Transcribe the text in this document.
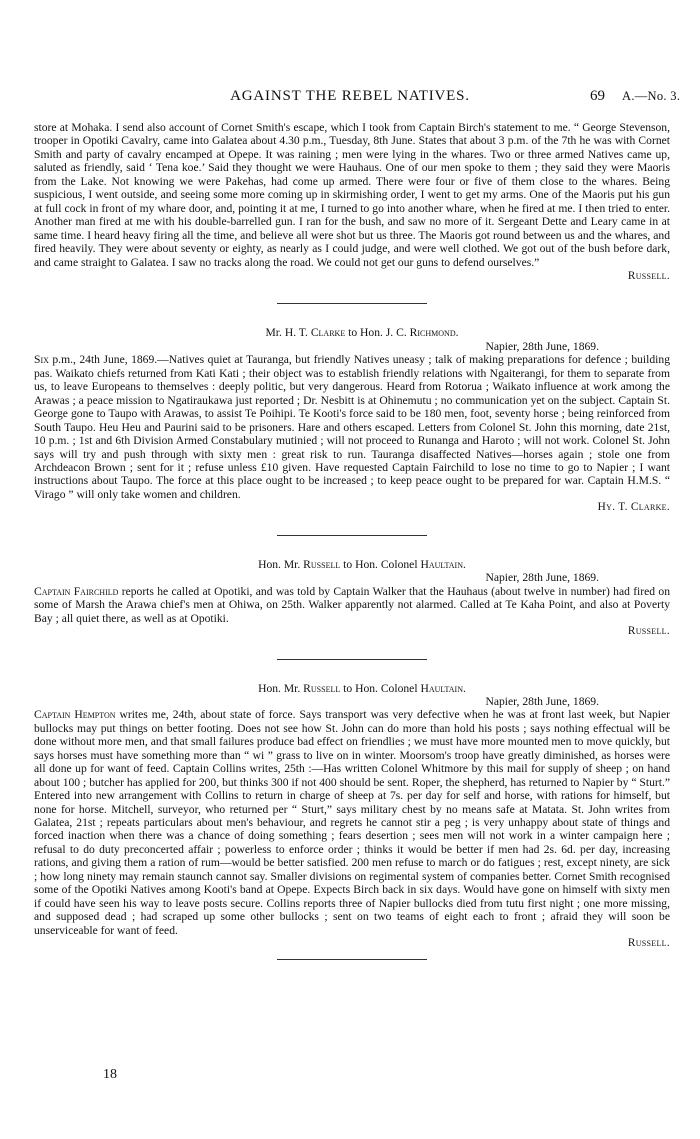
AGAINST THE REBEL NATIVES.	69 A.—No. 3.

store at Mohaka. I send also account of Cornet Smith's escape, which I took from Captain Birch's statement to me. “ George Stevenson, trooper in Opotiki Cavalry, came into Galatea about 4.30 p.m., Tuesday, 8th June. States that about 3 p.m. of the 7th he was with Cornet Smith and party of cavalry encamped at Opepe. It was raining ; men were lying in the whares. Two or three armed Natives came up, saluted as friendly, said ‘ Tena koe.’ Said they thought we were Hauhaus. One of our men spoke to them ; they said they were Maoris from the Lake. Not knowing we were Pakehas, had come up armed. There were four or five of them close to the whares. Being suspicious, I went outside, and seeing some more coming up in skirmishing order, I went to get my arms. One of the Maoris put his gun at full cock in front of my whare door, and, pointing it at me, I turned to go into another whare, when he fired at me. I then tried to enter. Another man fired at me with his double-barrelled gun. I ran for the bush, and saw no more of it. Sergeant Dette and Leary came in at same time. I heard heavy firing all the time, and believe all were shot but us three. The Maoris got round between us and the whares, and fired heavily. They were about seventy or eighty, as nearly as I could judge, and were well clothed. We got out of the bush before dark, and came straight to Galatea. I saw no tracks along the road. We could not get our guns to defend ourselves.”

Russell.
Mr. H. T. Clarke to Hon. J. C. Richmond.
Napier, 28th June, 1869.

Six p.m., 24th June, 1869.—Natives quiet at Tauranga, but friendly Natives uneasy ; talk of making preparations for defence ; building pas. Waikato chiefs returned from Kati Kati ; their object was to establish friendly relations with Ngaiterangi, for them to separate from us, to leave Europeans to themselves : deeply politic, but very dangerous. Heard from Rotorua ; Waikato influence at work among the Arawas ; a peace mission to Ngatiraukawa just reported ; Dr. Nesbitt is at Ohinemutu ; no communication yet on the subject. Captain St. George gone to Taupo with Arawas, to assist Te Poihipi. Te Kooti's force said to be 180 men, foot, seventy horse ; being reinforced from South Taupo. Heu Heu and Paurini said to be prisoners. Hare and others escaped. Letters from Colonel St. John this morning, date 21st, 10 p.m. ; 1st and 6th Division Armed Constabulary mutinied ; will not proceed to Runanga and Haroto ; will not work. Colonel St. John says will try and push through with sixty men : great risk to run. Tauranga disaffected Natives—horses again ; stole one from Archdeacon Brown ; sent for it ; refuse unless £10 given. Have requested Captain Fairchild to lose no time to go to Napier ; I want instructions about Taupo. The force at this place ought to be increased ; to keep peace ought to be prepared for war. Captain H.M.S. “ Virago ” will only take women and children.

Hy. T. Clarke.
Hon. Mr. Russell to Hon. Colonel Haultain.
Napier, 28th June, 1869.

Captain Fairchild reports he called at Opotiki, and was told by Captain Walker that the Hauhaus (about twelve in number) had fired on some of Marsh the Arawa chief's men at Ohiwa, on 25th. Walker apparently not alarmed. Called at Te Kaha Point, and also at Poverty Bay ; all quiet there, as well as at Opotiki.

Russell.
Hon. Mr. Russell to Hon. Colonel Haultain.
Napier, 28th June, 1869.

Captain Hempton writes me, 24th, about state of force. Says transport was very defective when he was at front last week, but Napier bullocks may put things on better footing. Does not see how St. John can do more than hold his posts ; says nothing effectual will be done without more men, and that small failures produce bad effect on friendlies ; we must have more mounted men to move quickly, but says horses must have something more than “ wi ” grass to live on in winter. Moorsom's troop have greatly diminished, as horses were all done up for want of feed. Captain Collins writes, 25th :—Has written Colonel Whitmore by this mail for supply of sheep ; on hand about 100 ; butcher has applied for 200, but thinks 300 if not 400 should be sent. Roper, the shepherd, has returned to Napier by “ Sturt.” Entered into new arrangement with Collins to return in charge of sheep at 7s. per day for self and horse, with rations for himself, but none for horse. Mitchell, surveyor, who returned per “ Sturt,” says military chest by no means safe at Matata. St. John writes from Galatea, 21st ; repeats particulars about men's behaviour, and regrets he cannot stir a peg ; is very unhappy about state of things and forced inaction when there was a chance of doing something ; fears desertion ; sees men will not work in a winter campaign here ; refusal to do duty preconcerted affair ; powerless to enforce order ; thinks it would be better if men had 2s. 6d. per day, increasing rations, and giving them a ration of rum—would be better satisfied. 200 men refuse to march or do fatigues ; rest, except ninety, are sick ; how long ninety may remain staunch cannot say. Smaller divisions on regimental system of companies better. Cornet Smith recognised some of the Opotiki Natives among Kooti's band at Opepe. Expects Birch back in six days. Would have gone on himself with sixty men if could have seen his way to leave posts secure. Collins reports three of Napier bullocks died from tutu first night ; one more missing, and supposed dead ; had scraped up some other bullocks ; sent on two teams of eight each to front ; afraid they will soon be unserviceable for want of feed.

Russell.
18
